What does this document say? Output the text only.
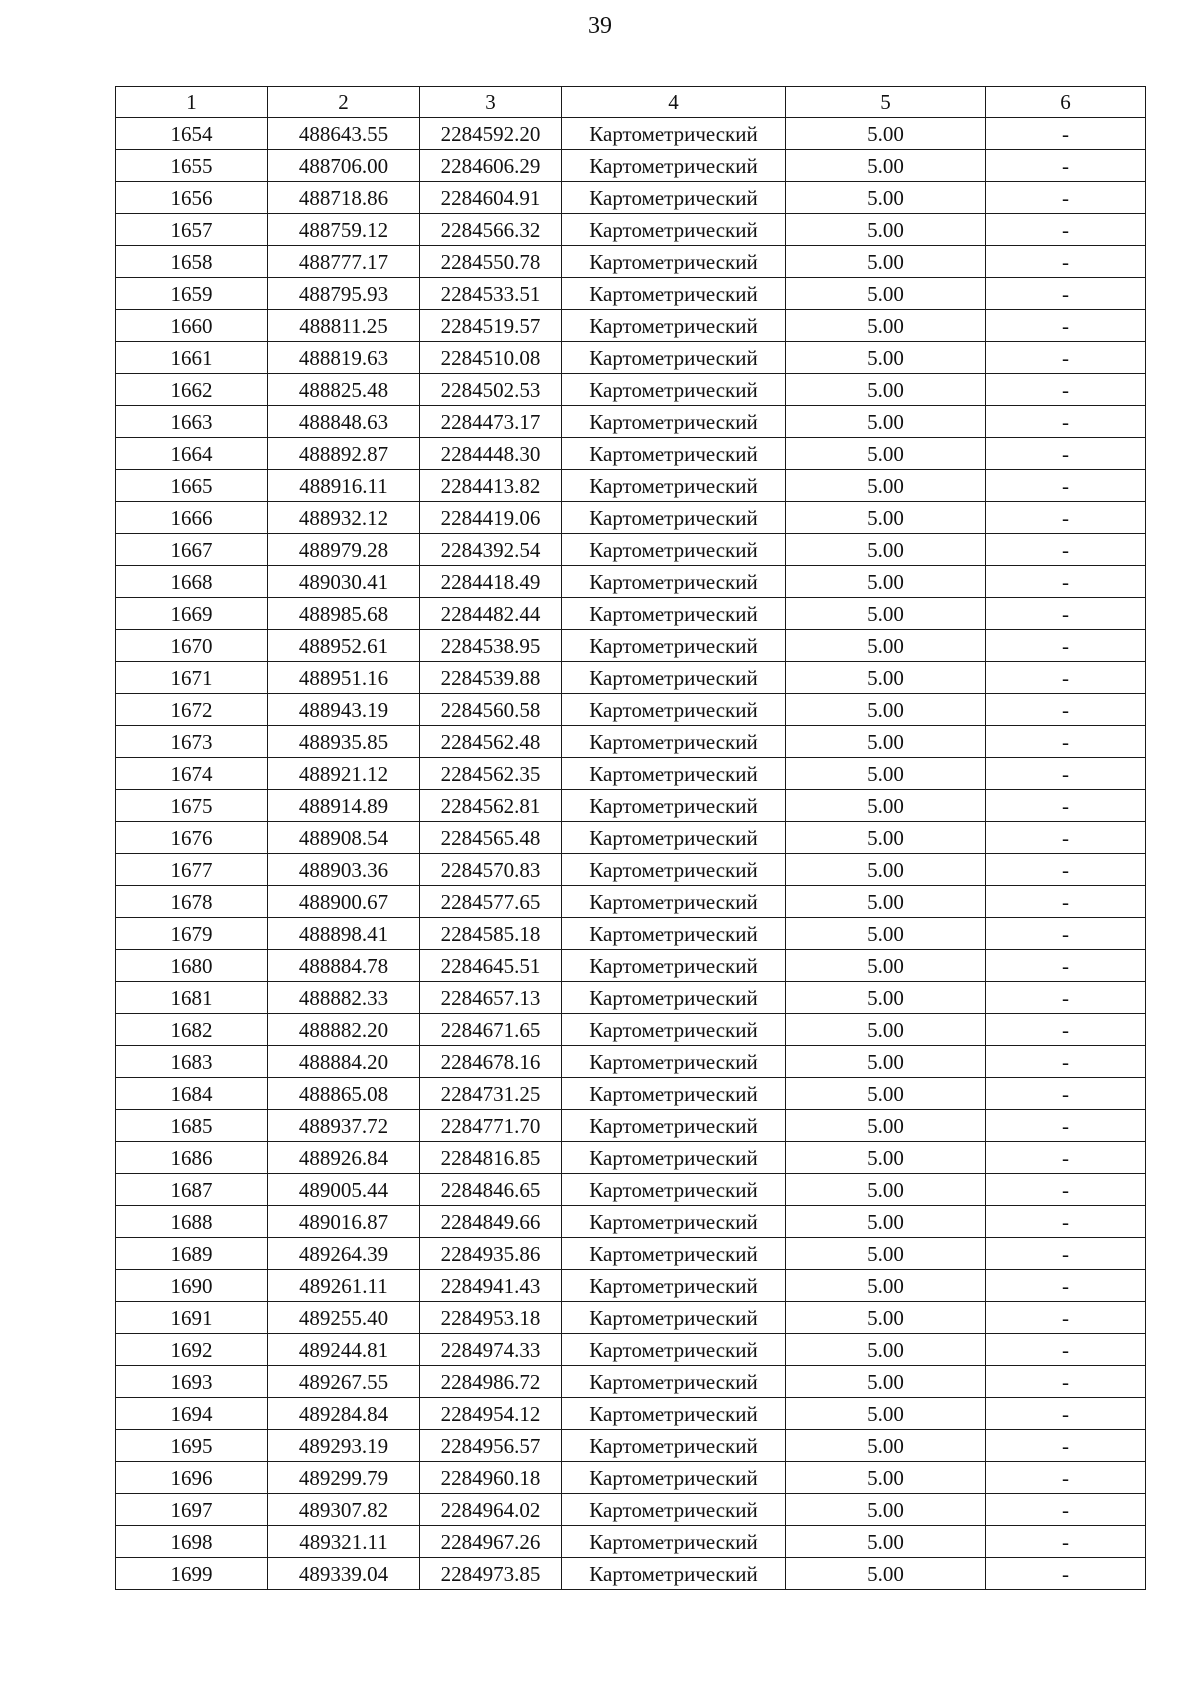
39
1	2	3	4	5	6
1654	488643.55	2284592.20	Картометрический	5.00	-
1655	488706.00	2284606.29	Картометрический	5.00	-
1656	488718.86	2284604.91	Картометрический	5.00	-
1657	488759.12	2284566.32	Картометрический	5.00	-
1658	488777.17	2284550.78	Картометрический	5.00	-
1659	488795.93	2284533.51	Картометрический	5.00	-
1660	488811.25	2284519.57	Картометрический	5.00	-
1661	488819.63	2284510.08	Картометрический	5.00	-
1662	488825.48	2284502.53	Картометрический	5.00	-
1663	488848.63	2284473.17	Картометрический	5.00	-
1664	488892.87	2284448.30	Картометрический	5.00	-
1665	488916.11	2284413.82	Картометрический	5.00	-
1666	488932.12	2284419.06	Картометрический	5.00	-
1667	488979.28	2284392.54	Картометрический	5.00	-
1668	489030.41	2284418.49	Картометрический	5.00	-
1669	488985.68	2284482.44	Картометрический	5.00	-
1670	488952.61	2284538.95	Картометрический	5.00	-
1671	488951.16	2284539.88	Картометрический	5.00	-
1672	488943.19	2284560.58	Картометрический	5.00	-
1673	488935.85	2284562.48	Картометрический	5.00	-
1674	488921.12	2284562.35	Картометрический	5.00	-
1675	488914.89	2284562.81	Картометрический	5.00	-
1676	488908.54	2284565.48	Картометрический	5.00	-
1677	488903.36	2284570.83	Картометрический	5.00	-
1678	488900.67	2284577.65	Картометрический	5.00	-
1679	488898.41	2284585.18	Картометрический	5.00	-
1680	488884.78	2284645.51	Картометрический	5.00	-
1681	488882.33	2284657.13	Картометрический	5.00	-
1682	488882.20	2284671.65	Картометрический	5.00	-
1683	488884.20	2284678.16	Картометрический	5.00	-
1684	488865.08	2284731.25	Картометрический	5.00	-
1685	488937.72	2284771.70	Картометрический	5.00	-
1686	488926.84	2284816.85	Картометрический	5.00	-
1687	489005.44	2284846.65	Картометрический	5.00	-
1688	489016.87	2284849.66	Картометрический	5.00	-
1689	489264.39	2284935.86	Картометрический	5.00	-
1690	489261.11	2284941.43	Картометрический	5.00	-
1691	489255.40	2284953.18	Картометрический	5.00	-
1692	489244.81	2284974.33	Картометрический	5.00	-
1693	489267.55	2284986.72	Картометрический	5.00	-
1694	489284.84	2284954.12	Картометрический	5.00	-
1695	489293.19	2284956.57	Картометрический	5.00	-
1696	489299.79	2284960.18	Картометрический	5.00	-
1697	489307.82	2284964.02	Картометрический	5.00	-
1698	489321.11	2284967.26	Картометрический	5.00	-
1699	489339.04	2284973.85	Картометрический	5.00	-
